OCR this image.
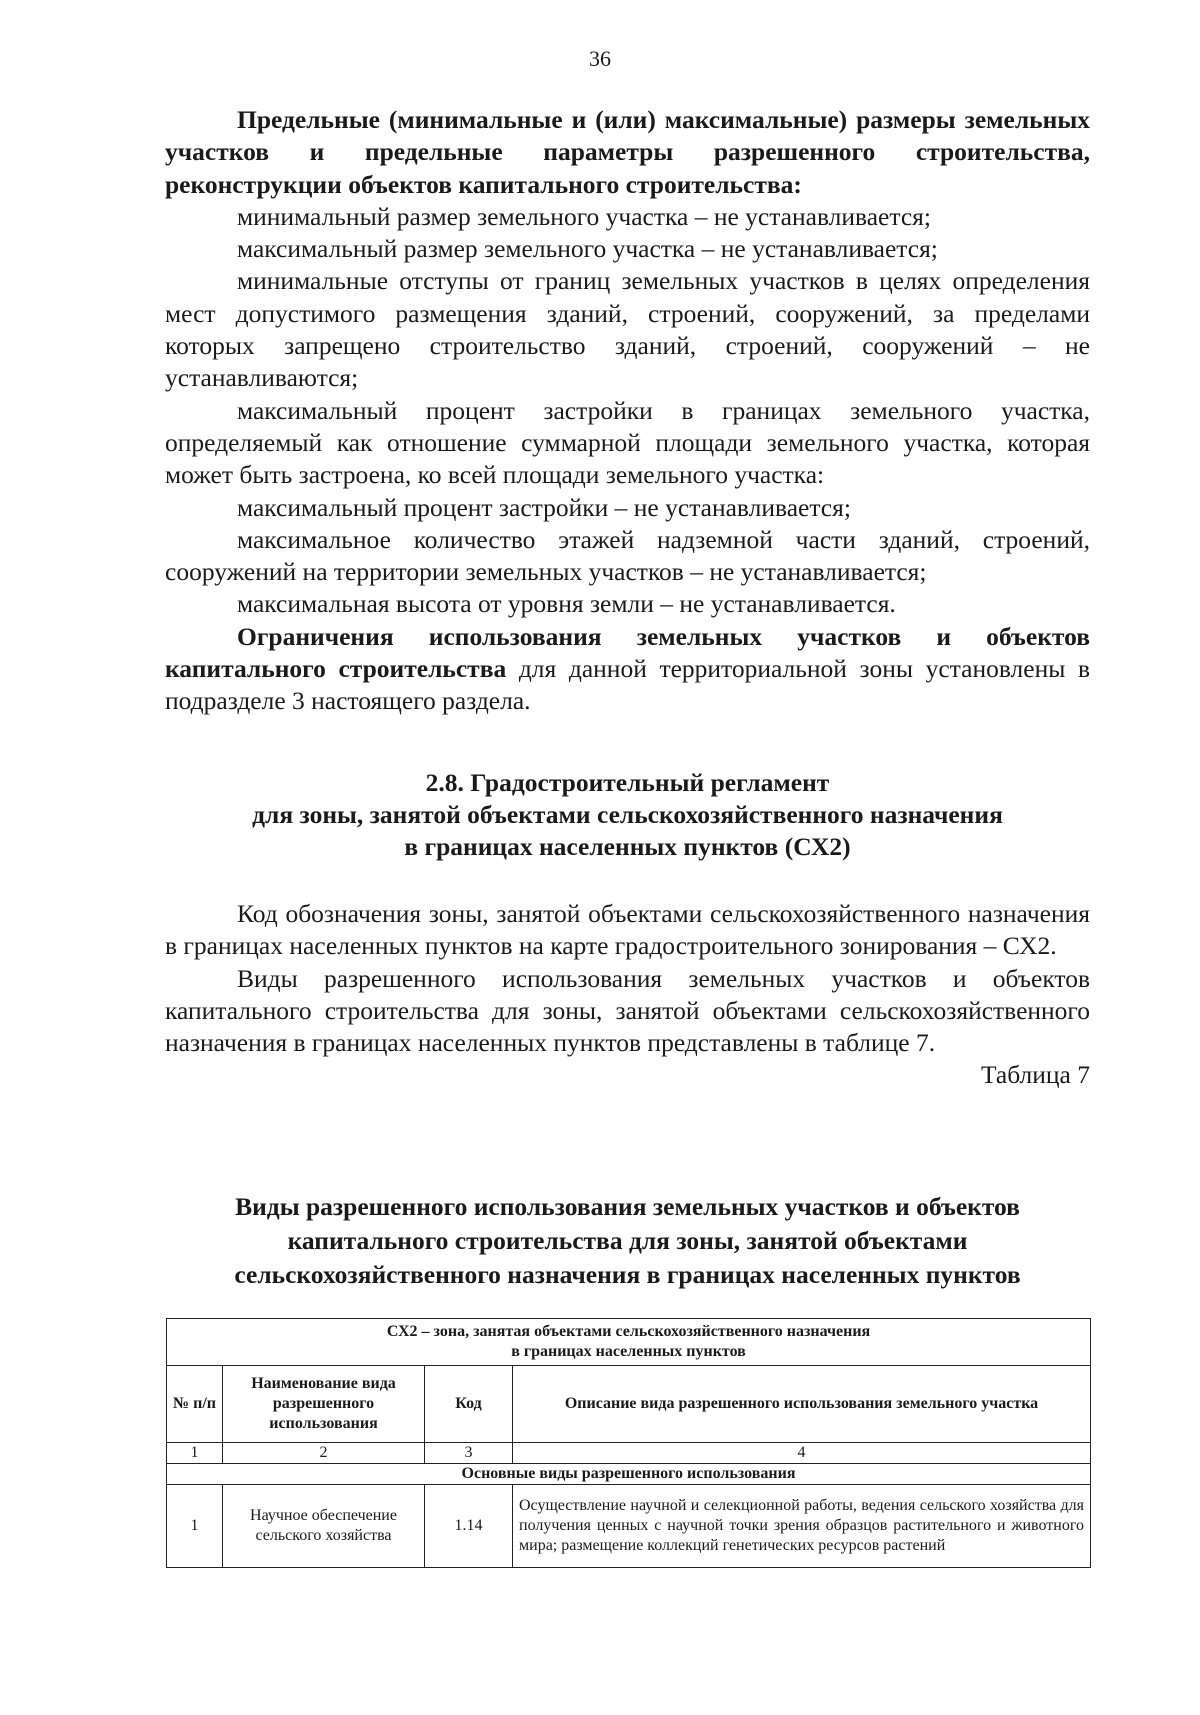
36

Предельные (минимальные и (или) максимальные) размеры земельных участков и предельные параметры разрешенного строительства, реконструкции объектов капитального строительства:

минимальный размер земельного участка – не устанавливается;

максимальный размер земельного участка – не устанавливается;

минимальные отступы от границ земельных участков в целях определения мест допустимого размещения зданий, строений, сооружений, за пределами которых запрещено строительство зданий, строений, сооружений – не устанавливаются;

максимальный процент застройки в границах земельного участка, определяемый как отношение суммарной площади земельного участка, которая может быть застроена, ко всей площади земельного участка:

максимальный процент застройки – не устанавливается;

максимальное количество этажей надземной части зданий, строений, сооружений на территории земельных участков – не устанавливается;

максимальная высота от уровня земли – не устанавливается.

Ограничения использования земельных участков и объектов капитального строительства для данной территориальной зоны установлены в подразделе 3 настоящего раздела.

2.8. Градостроительный регламент

для зоны, занятой объектами сельскохозяйственного назначения

в границах населенных пунктов (СХ2)

Код обозначения зоны, занятой объектами сельскохозяйственного назначения в границах населенных пунктов на карте градостроительного зонирования – СХ2.

Виды разрешенного использования земельных участков и объектов капитального строительства для зоны, занятой объектами сельскохозяйственного назначения в границах населенных пунктов представлены в таблице 7.

Таблица 7

Виды разрешенного использования земельных участков и объектов

капитального строительства для зоны, занятой объектами

сельскохозяйственного назначения в границах населенных пунктов

СХ2 – зона, занятая объектами сельскохозяйственного назначения
в границах населенных пунктов			

№ п/п	Наименование вида разрешенного использования	Код	Описание вида разрешенного использования земельного участка
1	2	3	4
Основные виды разрешенного использования			
1	Научное обеспечение сельского хозяйства	1.14	Осуществление научной и селекционной работы, ведения сельского хозяйства для получения ценных с научной точки зрения образцов растительного и животного мира; размещение коллекций генетических ресурсов растений
